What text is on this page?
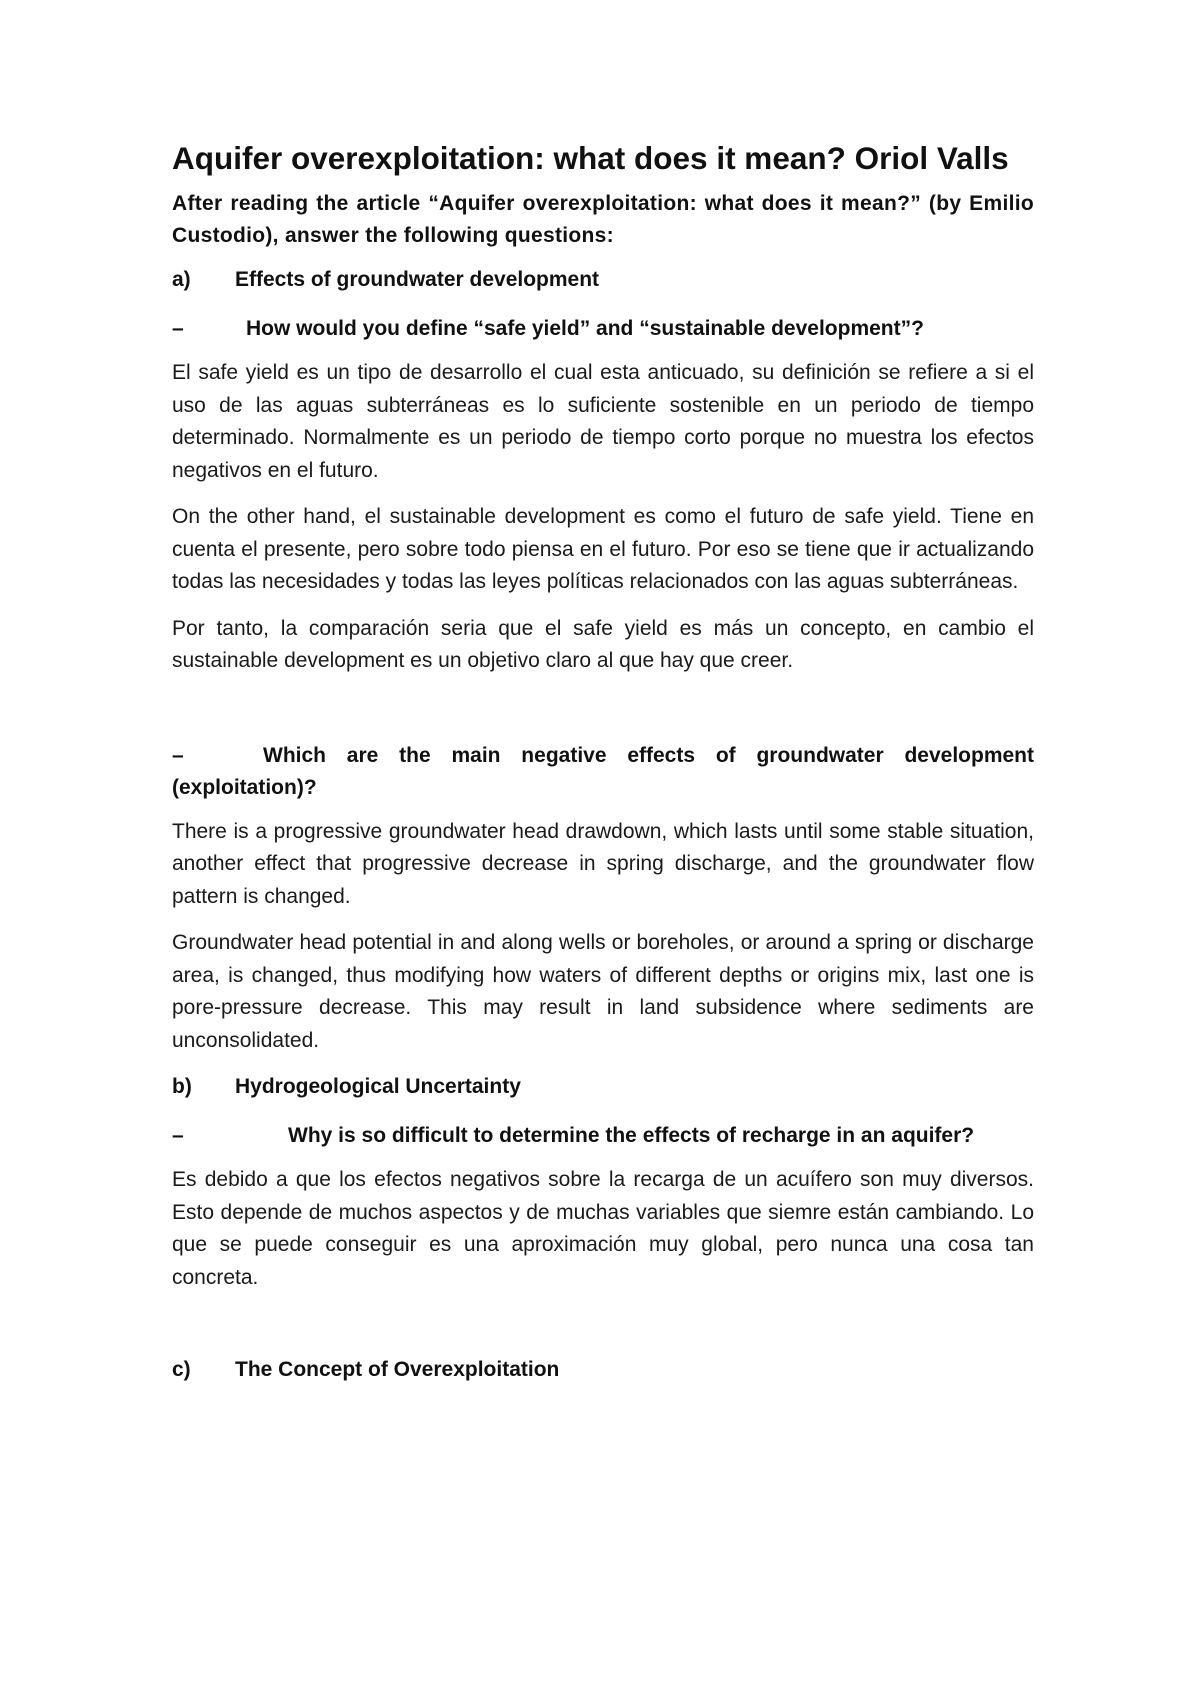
Aquifer overexploitation: what does it mean? Oriol Valls

After reading the article “Aquifer overexploitation: what does it mean?” (by Emilio Custodio), answer the following questions:

a)	Effects of groundwater development

–	How would you define “safe yield” and “sustainable development”?

El safe yield es un tipo de desarrollo el cual esta anticuado, su definición se refiere a si el uso de las aguas subterráneas es lo suficiente sostenible en un periodo de tiempo determinado. Normalmente es un periodo de tiempo corto porque no muestra los efectos negativos en el futuro.

On the other hand, el sustainable development es como el futuro de safe yield. Tiene en cuenta el presente, pero sobre todo piensa en el futuro. Por eso se tiene que ir actualizando todas las necesidades y todas las leyes políticas relacionados con las aguas subterráneas.

Por tanto, la comparación seria que el safe yield es más un concepto, en cambio el sustainable development es un objetivo claro al que hay que creer.

–	Which are the main negative effects of groundwater development (exploitation)?

There is a progressive groundwater head drawdown, which lasts until some stable situation, another effect that progressive decrease in spring discharge, and the groundwater flow pattern is changed.

Groundwater head potential in and along wells or boreholes, or around a spring or discharge area, is changed, thus modifying how waters of different depths or origins mix, last one is pore-pressure decrease. This may result in land subsidence where sediments are unconsolidated.

b)	Hydrogeological Uncertainty

–	Why is so difficult to determine the effects of recharge in an aquifer?

Es debido a que los efectos negativos sobre la recarga de un acuífero son muy diversos. Esto depende de muchos aspectos y de muchas variables que siemre están cambiando. Lo que se puede conseguir es una aproximación muy global, pero nunca una cosa tan concreta.

c)	The Concept of Overexploitation
